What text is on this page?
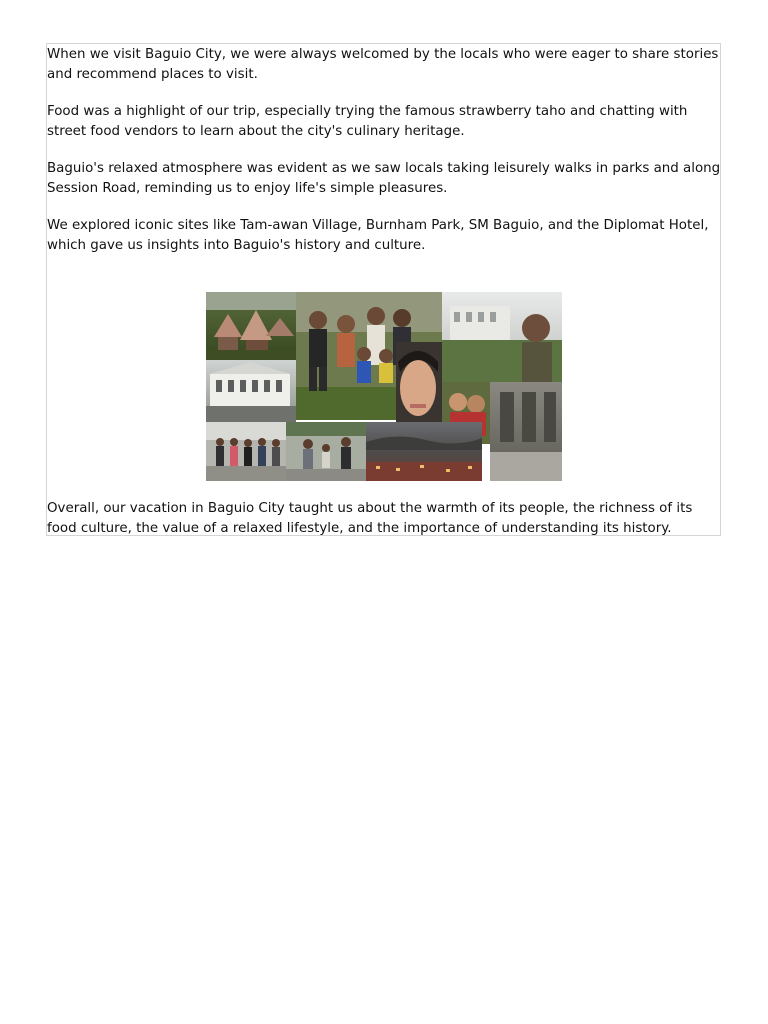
When we visit Baguio City, we were always welcomed by the locals who were eager to share stories and recommend places to visit.

Food was a highlight of our trip, especially trying the famous strawberry taho and chatting with street food vendors to learn about the city's culinary heritage.

Baguio's relaxed atmosphere was evident as we saw locals taking leisurely walks in parks and along Session Road, reminding us to enjoy life's simple pleasures.

We explored iconic sites like Tam-awan Village, Burnham Park, SM Baguio, and the Diplomat Hotel, which gave us insights into Baguio's history and culture.

Overall, our vacation in Baguio City taught us about the warmth of its people, the richness of its food culture, the value of a relaxed lifestyle, and the importance of understanding its history.
